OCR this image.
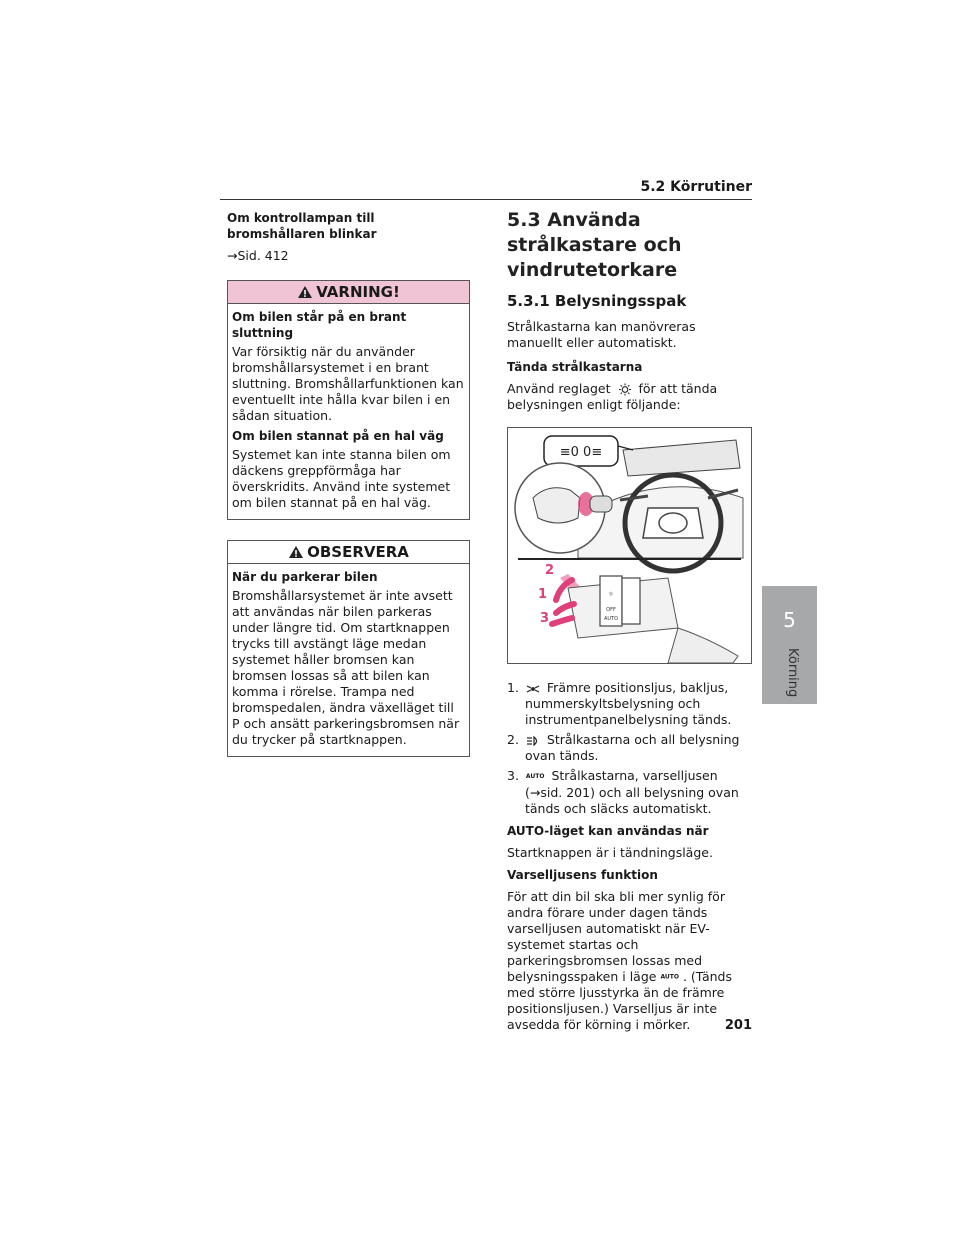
5.2 Körrutiner
5
Körning
Om kontrollampan till bromshållaren blinkar
→Sid. 412
VARNING!
Om bilen står på en brant sluttning
Var försiktig när du använder bromshållarsystemet i en brant sluttning. Bromshållarfunktionen kan eventuellt inte hålla kvar bilen i en sådan situation.
Om bilen stannat på en hal väg
Systemet kan inte stanna bilen om däckens greppförmåga har överskridits. Använd inte systemet om bilen stannat på en hal väg.
OBSERVERA
När du parkerar bilen
Bromshållarsystemet är inte avsett att användas när bilen parkeras under längre tid. Om startknappen trycks till avstängt läge medan systemet håller bromsen kan bromsen lossas så att bilen kan komma i rörelse. Trampa ned bromspedalen, ändra växelläget till P och ansätt parkeringsbromsen när du trycker på startknappen.
5.3 Använda strålkastare och vindrutetorkare
5.3.1 Belysningsspak
Strålkastarna kan manövreras manuellt eller automatiskt.
Tända strålkastarna
Använd reglaget för att tända belysningen enligt följande:
≡0 0≡
☼
OFF
AUTO
2
1
3
1. Främre positionsljus, bakljus, nummerskyltsbelysning och instrumentpanelbelysning tänds.
2. Strålkastarna och all belysning ovan tänds.
3. AUTO Strålkastarna, varselljusen (→sid. 201) och all belysning ovan tänds och släcks automatiskt.
AUTO-läget kan användas när
Startknappen är i tändningsläge.
Varselljusens funktion
För att din bil ska bli mer synlig för andra förare under dagen tänds varselljusen automatiskt när EV-systemet startas och parkeringsbromsen lossas med belysningsspaken i läge AUTO . (Tänds med större ljusstyrka än de främre positionsljusen.) Varselljus är inte avsedda för körning i mörker.	201
